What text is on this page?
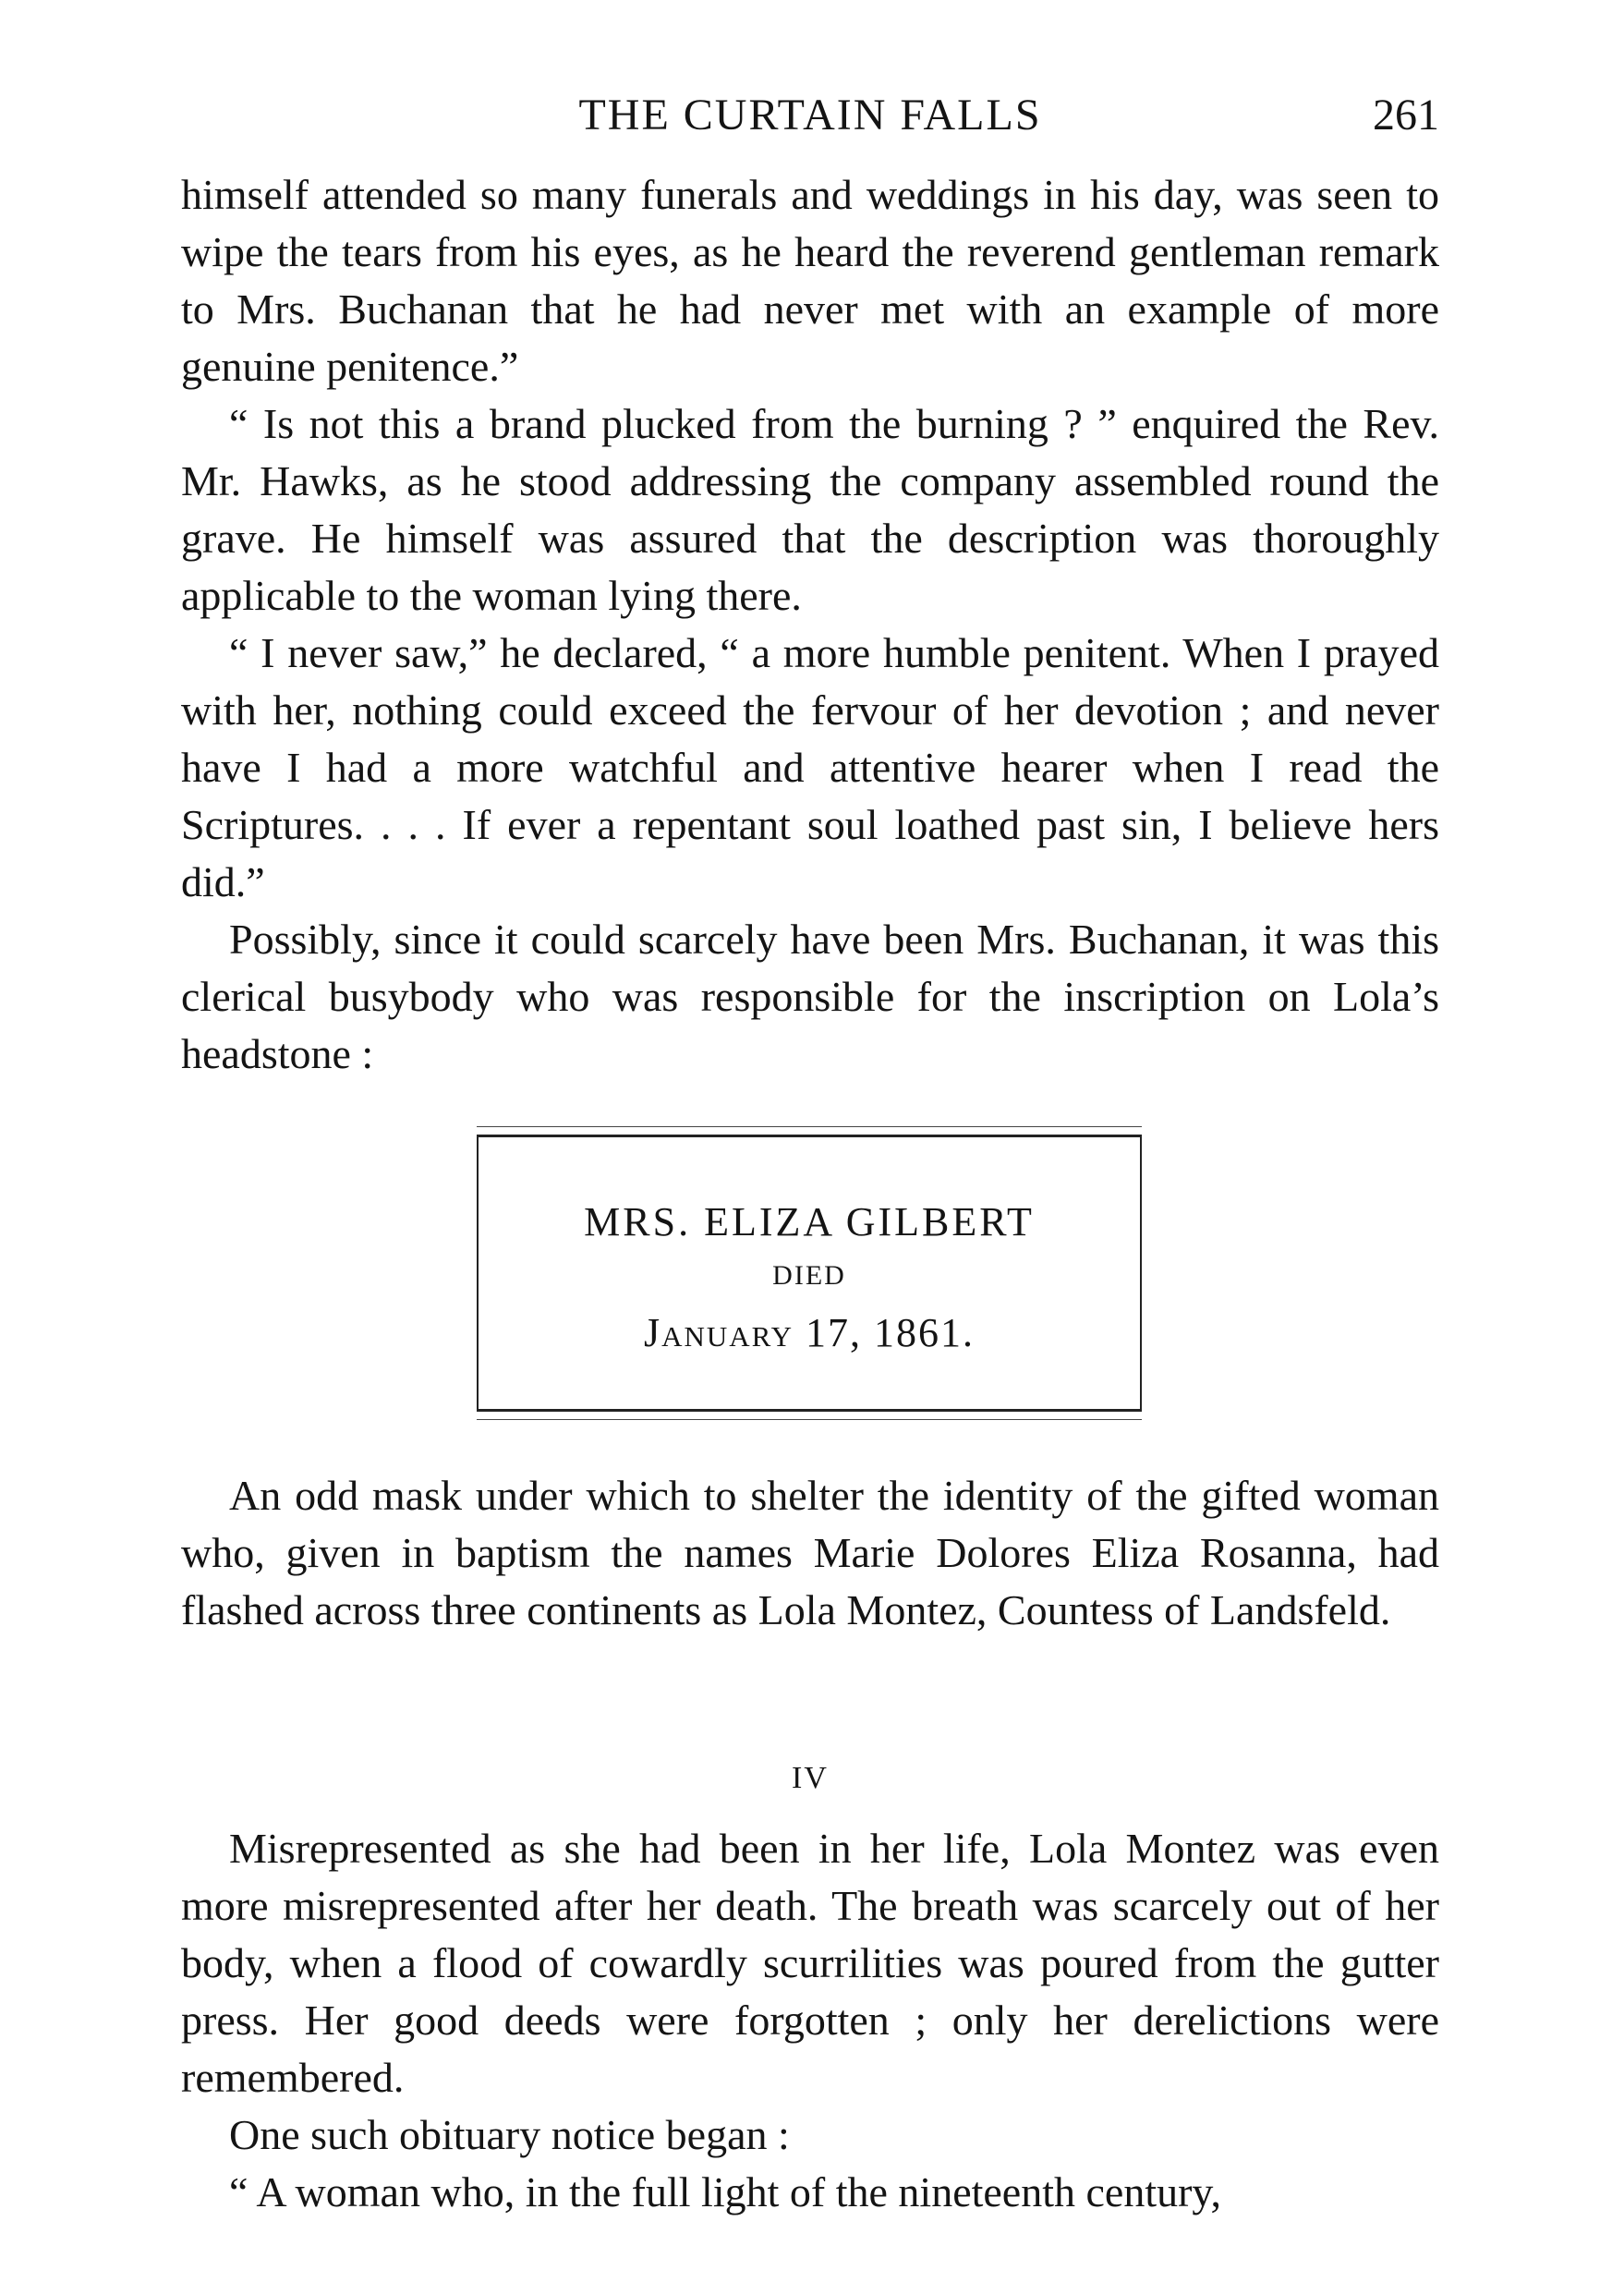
THE CURTAIN FALLS	261

himself attended so many funerals and weddings in his day, was seen to wipe the tears from his eyes, as he heard the reverend gentleman remark to Mrs. Buchanan that he had never met with an example of more genuine penitence.”

“ Is not this a brand plucked from the burning ? ” enquired the Rev. Mr. Hawks, as he stood addressing the company assembled round the grave. He himself was assured that the description was thoroughly applicable to the woman lying there.

“ I never saw,” he declared, “ a more humble penitent. When I prayed with her, nothing could exceed the fervour of her devotion ; and never have I had a more watchful and attentive hearer when I read the Scriptures. . . . If ever a repentant soul loathed past sin, I believe hers did.”

Possibly, since it could scarcely have been Mrs. Buchanan, it was this clerical busybody who was responsible for the inscription on Lola’s headstone :

MRS. ELIZA GILBERT
DIED
January 17, 1861.

An odd mask under which to shelter the identity of the gifted woman who, given in baptism the names Marie Dolores Eliza Rosanna, had flashed across three continents as Lola Montez, Countess of Landsfeld.

IV

Misrepresented as she had been in her life, Lola Montez was even more misrepresented after her death. The breath was scarcely out of her body, when a flood of cowardly scurrilities was poured from the gutter press. Her good deeds were forgotten ; only her derelictions were remembered.

One such obituary notice began :

“ A woman who, in the full light of the nineteenth century,
